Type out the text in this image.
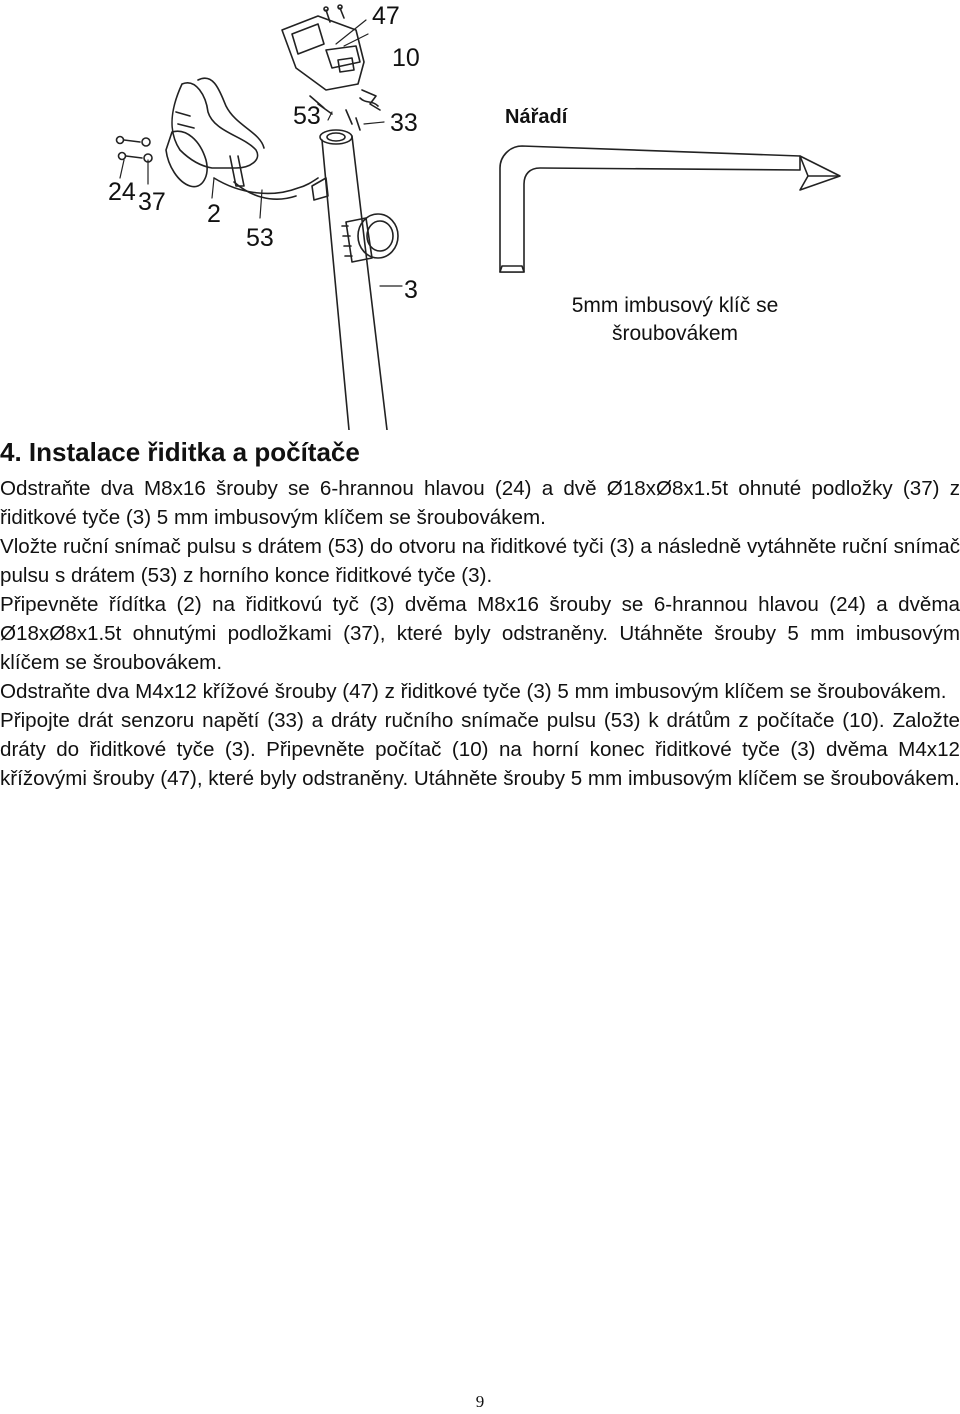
47
10
53	33
24 37 2
53
3
Nářadí
5mm imbusový klíč se
šroubovákem
4. Instalace řiditka a počítače

Odstraňte dva M8x16 šrouby se 6-hrannou hlavou (24) a dvě Ø18xØ8x1.5t ohnuté podložky (37) z řiditkové tyče (3) 5 mm imbusovým klíčem se šroubovákem.

Vložte ruční snímač pulsu s drátem (53) do otvoru na řiditkové tyči (3) a následně vytáhněte ruční snímač pulsu s drátem (53) z horního konce řiditkové tyče (3).

Připevněte řídítka (2) na řiditkovú tyč (3) dvěma M8x16 šrouby se 6-hrannou hlavou (24) a dvěma Ø18xØ8x1.5t ohnutými podložkami (37), které byly odstraněny. Utáhněte šrouby 5 mm imbusovým klíčem se šroubovákem.

Odstraňte dva M4x12 křížové šrouby (47) z řiditkové tyče (3) 5 mm imbusovým klíčem se šroubovákem.

Připojte drát senzoru napětí (33) a dráty ručního snímače pulsu (53) k drátům z počítače (10). Založte dráty do řiditkové tyče (3). Připevněte počítač (10) na horní konec řiditkové tyče (3) dvěma M4x12 křížovými šrouby (47), které byly odstraněny. Utáhněte šrouby 5 mm imbusovým klíčem se šroubovákem.

9
